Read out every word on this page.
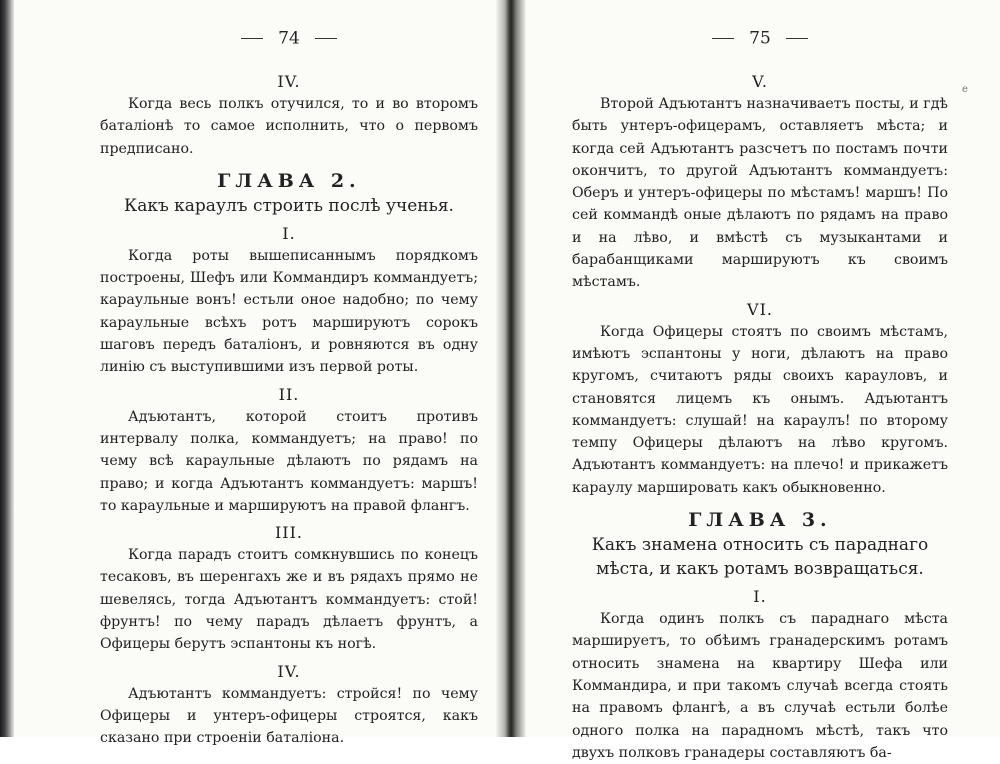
e
74
IV.
Когда весь полкъ отучился, то и во второмъ баталіонѣ то самое исполнить, что о первомъ предписано.
ГЛАВА 2.
Какъ караулъ строить послѣ ученья.
I.
Когда роты вышеписаннымъ порядкомъ построены, Шефъ или Коммандиръ коммандуетъ; караульные вонъ! естьли оное надобно; по чему караульные всѣхъ ротъ маршируютъ сорокъ шаговъ передъ баталіонъ, и ровняются въ одну линію съ выступившими изъ первой роты.
II.
Адъютантъ, которой стоитъ противъ интервалу полка, коммандуетъ; на право! по чему всѣ караульные дѣлаютъ по рядамъ на право; и когда Адъютантъ коммандуетъ: маршъ! то караульные и маршируютъ на правой флангъ.
III.
Когда парадъ стоитъ сомкнувшись по конецъ тесаковъ, въ шеренгахъ же и въ рядахъ прямо не шевелясь, тогда Адъютантъ коммандуетъ: стой! фрунтъ! по чему парадъ дѣлаетъ фрунтъ, а Офицеры берутъ эспантоны къ ногѣ.
IV.
Адъютантъ коммандуетъ: стройся! по чему Офицеры и унтеръ-офицеры строятся, какъ сказано при строеніи баталіона.
75
V.
Второй Адъютантъ назначиваетъ посты, и гдѣ быть унтеръ-офицерамъ, оставляетъ мѣста; и когда сей Адъютантъ разсчетъ по постамъ почти окончитъ, то другой Адъютантъ коммандуетъ: Оберъ и унтеръ-офицеры по мѣстамъ! маршъ! По сей коммандѣ оные дѣлаютъ по рядамъ на право и на лѣво, и вмѣстѣ съ музыкантами и барабанщиками маршируютъ къ своимъ мѣстамъ.
VI.
Когда Офицеры стоятъ по своимъ мѣстамъ, имѣютъ эспантоны у ноги, дѣлаютъ на право кругомъ, считаютъ ряды своихъ карауловъ, и становятся лицемъ къ онымъ. Адъютантъ коммандуетъ: слушай! на караулъ! по второму темпу Офицеры дѣлаютъ на лѣво кругомъ. Адъютантъ коммандуетъ: на плечо! и прикажетъ караулу маршировать какъ обыкновенно.
ГЛАВА 3.
Какъ знамена относить съ параднаго мѣста, и какъ ротамъ возвращаться.
I.
Когда одинъ полкъ съ параднаго мѣста маршируетъ, то обѣимъ гранадерскимъ ротамъ относить знамена на квартиру Шефа или Коммандира, и при такомъ случаѣ всегда стоять на правомъ флангѣ, а въ случаѣ естьли болѣе одного полка на парадномъ мѣстѣ, такъ что двухъ полковъ гранадеры составляютъ ба-
